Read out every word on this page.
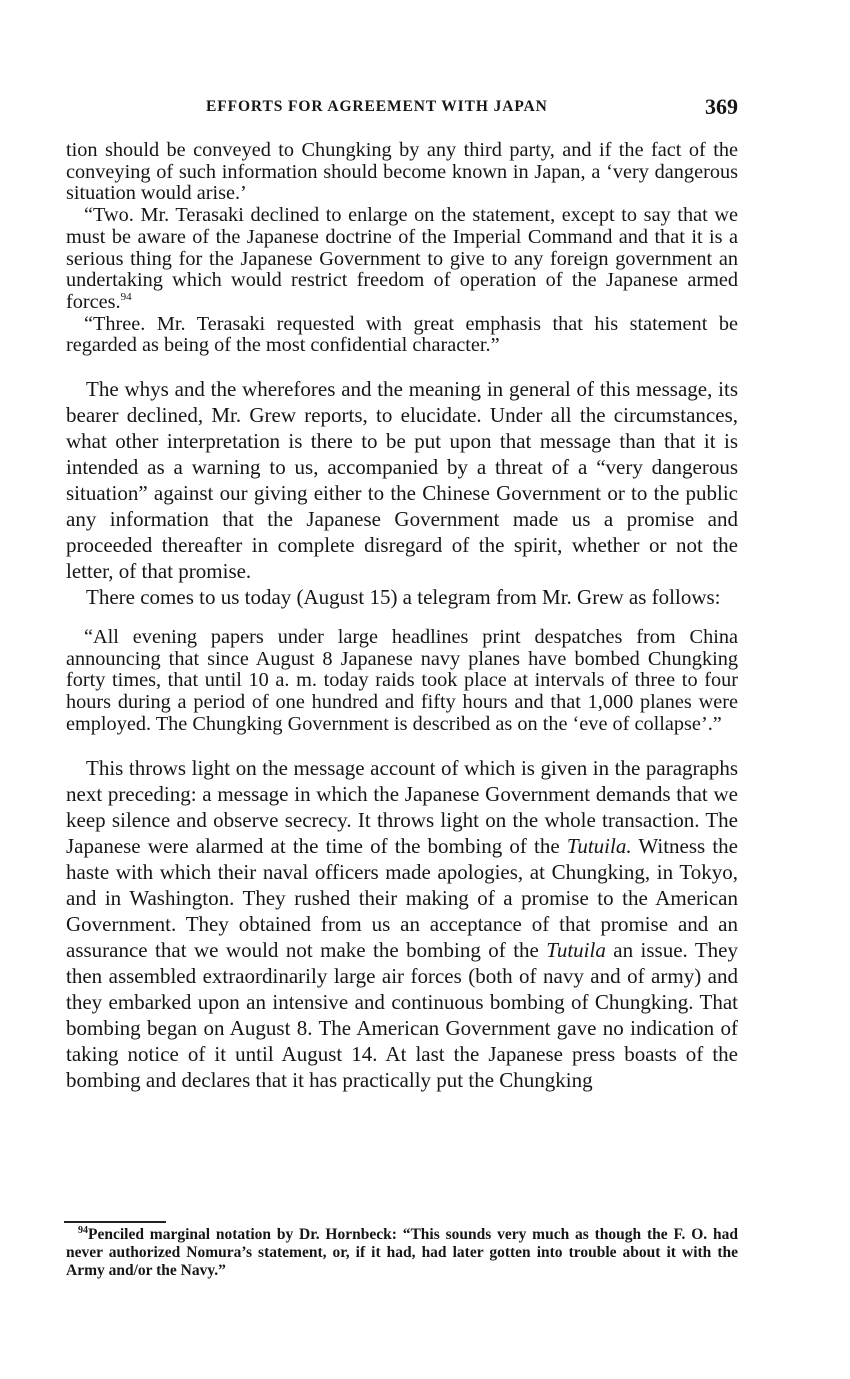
EFFORTS FOR AGREEMENT WITH JAPAN	369

tion should be conveyed to Chungking by any third party, and if the fact of the conveying of such information should become known in Japan, a ‘very dangerous situation would arise.’

“Two. Mr. Terasaki declined to enlarge on the statement, except to say that we must be aware of the Japanese doctrine of the Imperial Command and that it is a serious thing for the Japanese Government to give to any foreign government an undertaking which would restrict freedom of operation of the Japanese armed forces.$^{94}$

“Three. Mr. Terasaki requested with great emphasis that his statement be regarded as being of the most confidential character.”

The whys and the wherefores and the meaning in general of this message, its bearer declined, Mr. Grew reports, to elucidate. Under all the circumstances, what other interpretation is there to be put upon that message than that it is intended as a warning to us, accompanied by a threat of a “very dangerous situation” against our giving either to the Chinese Government or to the public any information that the Japanese Government made us a promise and proceeded thereafter in complete disregard of the spirit, whether or not the letter, of that promise.

There comes to us today (August 15) a telegram from Mr. Grew as follows:

“All evening papers under large headlines print despatches from China announcing that since August 8 Japanese navy planes have bombed Chungking forty times, that until 10 a. m. today raids took place at intervals of three to four hours during a period of one hundred and fifty hours and that 1,000 planes were employed. The Chungking Government is described as on the ‘eve of collapse’.”

This throws light on the message account of which is given in the paragraphs next preceding: a message in which the Japanese Government demands that we keep silence and observe secrecy. It throws light on the whole transaction. The Japanese were alarmed at the time of the bombing of the Tutuila. Witness the haste with which their naval officers made apologies, at Chungking, in Tokyo, and in Washington. They rushed their making of a promise to the American Government. They obtained from us an acceptance of that promise and an assurance that we would not make the bombing of the Tutuila an issue. They then assembled extraordinarily large air forces (both of navy and of army) and they embarked upon an intensive and continuous bombing of Chungking. That bombing began on August 8. The American Government gave no indication of taking notice of it until August 14. At last the Japanese press boasts of the bombing and declares that it has practically put the Chungking

$^{94}$Penciled marginal notation by Dr. Hornbeck: “This sounds very much as though the F. O. had never authorized Nomura’s statement, or, if it had, had later gotten into trouble about it with the Army and/or the Navy.”
